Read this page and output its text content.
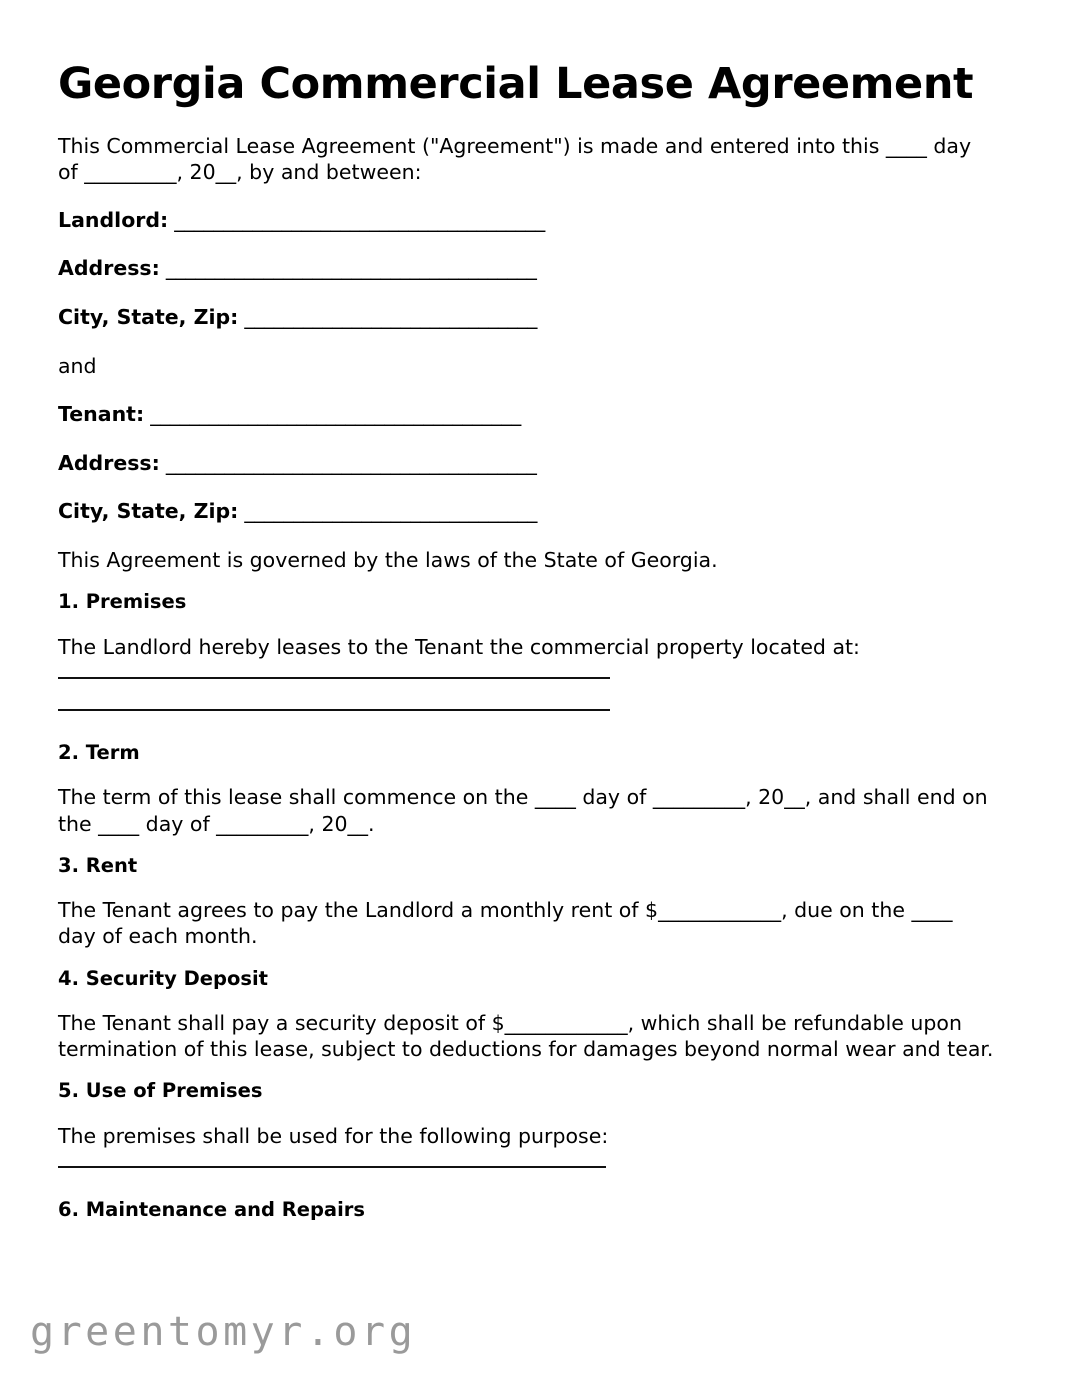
Georgia Commercial Lease Agreement

This Commercial Lease Agreement ("Agreement") is made and entered into this ____ day of _________, 20__, by and between:

Landlord: ______________________________________
Address: ______________________________________
City, State, Zip: ______________________________
and
Tenant: ______________________________________
Address: ______________________________________
City, State, Zip: ______________________________

This Agreement is governed by the laws of the State of Georgia.

1. Premises

The Landlord hereby leases to the Tenant the commercial property located at:

2. Term

The term of this lease shall commence on the ____ day of _________, 20__, and shall end on the ____ day of _________, 20__.

3. Rent

The Tenant agrees to pay the Landlord a monthly rent of $____________, due on the ____ day of each month.

4. Security Deposit

The Tenant shall pay a security deposit of $____________, which shall be refundable upon termination of this lease, subject to deductions for damages beyond normal wear and tear.

5. Use of Premises

The premises shall be used for the following purpose:

6. Maintenance and Repairs
greentomyr.org
